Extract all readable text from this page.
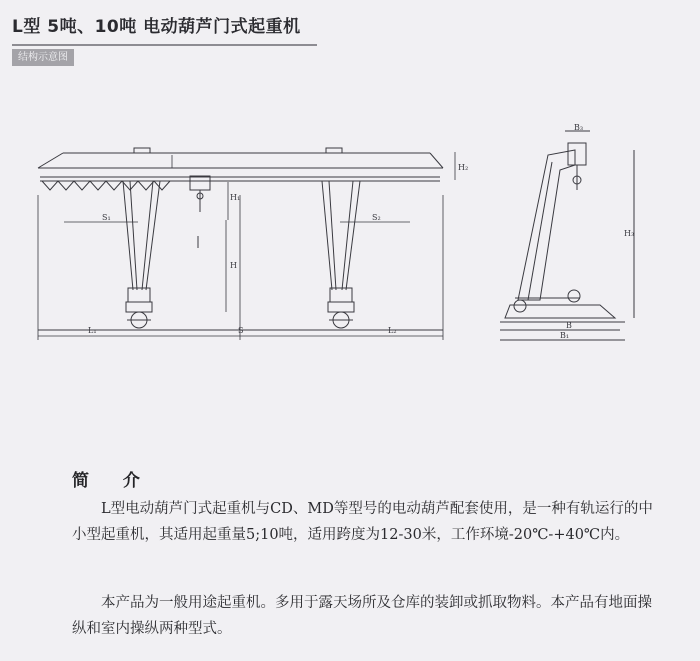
L型 5吨、10吨 电动葫芦门式起重机
结构示意图
H₂
H₁
H
S₁	S₂
L₁	S	L₂
B₃
H₃
B
B₁
简 介

L型电动葫芦门式起重机与CD、MD等型号的电动葫芦配套使用，是一种有轨运行的中小型起重机，其适用起重量5;10吨，适用跨度为12-30米，工作环境-20℃-+40℃内。

本产品为一般用途起重机。多用于露天场所及仓库的装卸或抓取物料。本产品有地面操纵和室内操纵两种型式。
